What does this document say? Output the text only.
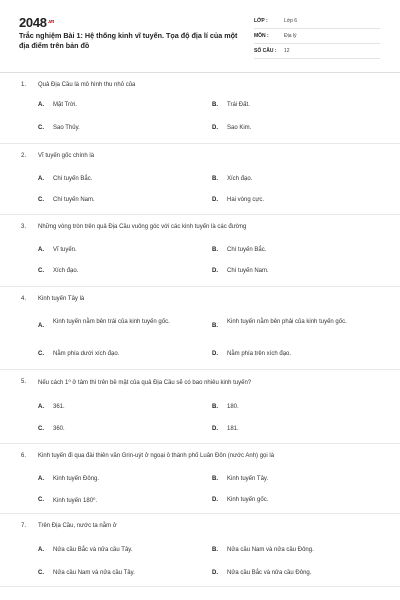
$2048^{.vn}$
Trắc nghiệm Bài 1: Hệ thống kinh vĩ tuyến. Tọa độ địa lí của một địa điểm trên bản đồ
LỚP :	Lớp 6
MÔN :	Địa lý
SỐ CÂU : 12
1. Quả Địa Cầu là mô hình thu nhỏ của
A. Mặt Trời.	B. Trái Đất.
C. Sao Thủy.	D. Sao Kim.
2. Vĩ tuyến gốc chính là
A. Chí tuyến Bắc.	B. Xích đạo.
C. Chí tuyến Nam.	D. Hai vòng cực.
3. Những vòng tròn trên quả Địa Cầu vuông góc với các kinh tuyến là các đường
A. Vĩ tuyến.	B. Chí tuyến Bắc.
C. Xích đạo.	D. Chí tuyến Nam.
4. Kinh tuyến Tây là
A.
Kinh tuyến nằm bên trái của kinh tuyến gốc.
B.
Kinh tuyến nằm bên phải của kinh tuyến gốc.
C. Nằm phía dưới xích đạo.	D. Nằm phía trên xích đạo.
5. Nếu cách 1⁰ ở tâm thì trên bề mặt của quả Địa Cầu sẽ có bao nhiêu kinh tuyến?
A. 361.	B. 180.
C. 360.	D. 181.
6. Kinh tuyến đi qua đài thiên văn Grin-uýt ở ngoại ô thành phố Luân Đôn (nước Anh) gọi là
A. Kinh tuyến Đông.	B. Kinh tuyến Tây.
C. Kinh tuyến 180⁰.	D. Kinh tuyến gốc.
7. Trên Địa Cầu, nước ta nằm ở
A. Nửa cầu Bắc và nửa cầu Tây.	B. Nửa cầu Nam và nửa cầu Đông.
C. Nửa cầu Nam và nửa cầu Tây.	D. Nửa cầu Bắc và nửa cầu Đông.
